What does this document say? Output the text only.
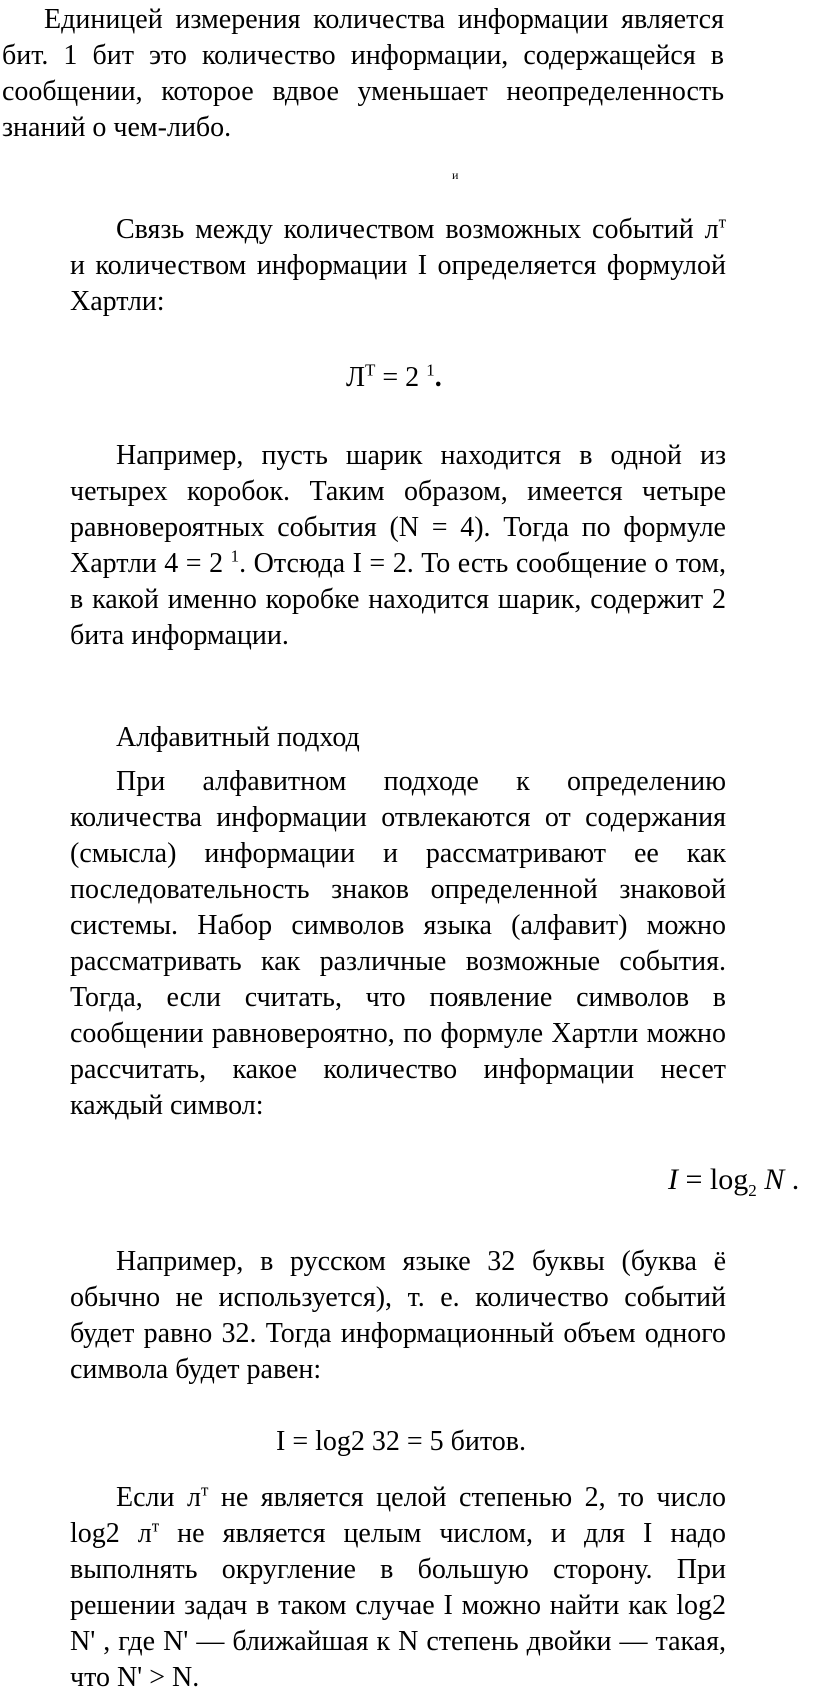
Единицей измерения количества информации является бит. 1 бит это количество информации, содержащейся в сообщении, которое вдвое уменьшает неопределенность знаний о чем-либо.

и

Связь между количеством возможных событий $л^т$ и количеством информации I определяется формулой Хартли:

$Л^Т = 2$ $^1$.

Например, пусть шарик находится в одной из четырех коробок. Таким образом, имеется четыре равновероятных события (N = 4). Тогда по формуле Хартли 4 = 2 $^1$. Отсюда I = 2. То есть сообщение о том, в какой именно коробке находится шарик, содержит 2 бита информации.

Алфавитный подход

При алфавитном подходе к определению количества информации отвлекаются от содержания (смысла) информации и рассматривают ее как последовательность знаков определенной знаковой системы. Набор символов языка (алфавит) можно рассматривать как различные возможные события. Тогда, если считать, что появление символов в сообщении равновероятно, по формуле Хартли можно рассчитать, какое количество информации несет каждый символ:

$I = \log_2 N$ .

Например, в русском языке 32 буквы (буква ё обычно не используется), т. е. количество событий будет равно 32. Тогда информационный объем одного символа будет равен:

I = log2 32 = 5 битов.

Если $л^т$ не является целой степенью 2, то число log2 $л^т$ не является целым числом, и для I надо выполнять округление в большую сторону. При решении задач в таком случае I можно найти как log2 N' , где N' — ближайшая к N степень двойки — такая, что N' > N.
